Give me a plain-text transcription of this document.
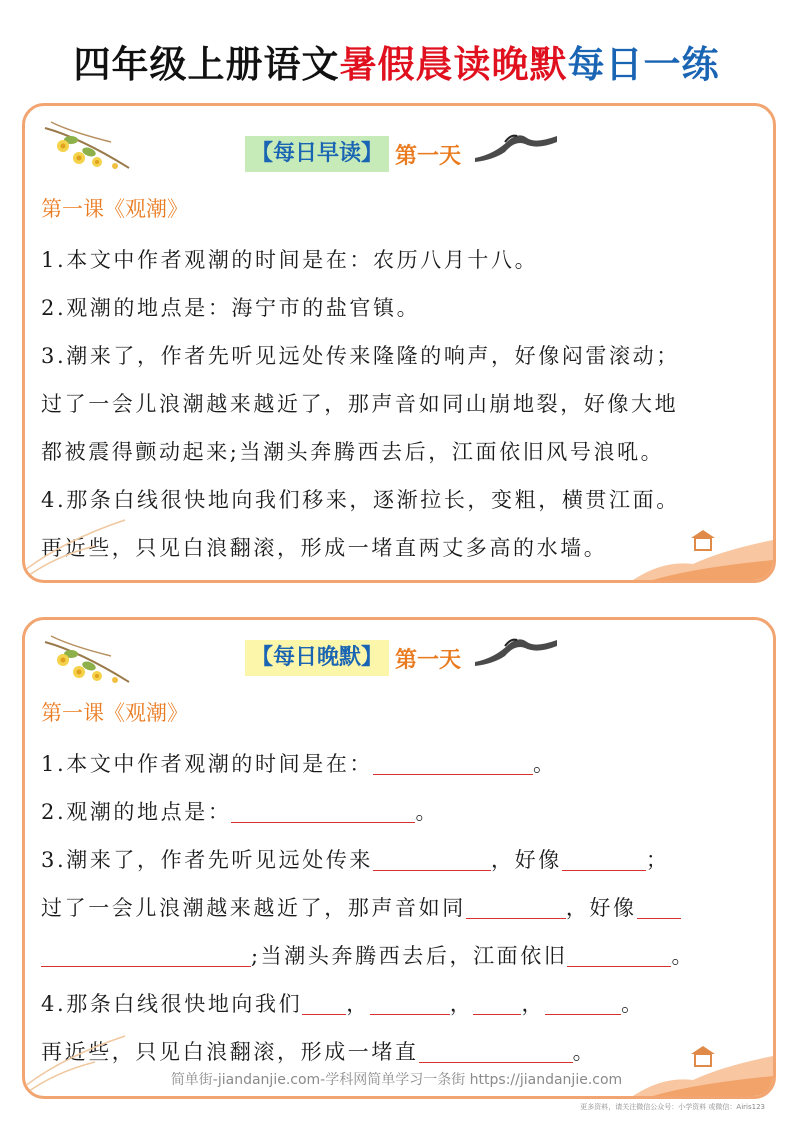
四年级上册语文暑假晨读晚默每日一练
【每日早读】 第一天
第一课《观潮》
1.本文中作者观潮的时间是在：农历八月十八。
2.观潮的地点是：海宁市的盐官镇。
3.潮来了，作者先听见远处传来隆隆的响声，好像闷雷滚动；
过了一会儿浪潮越来越近了，那声音如同山崩地裂，好像大地
都被震得颤动起来;当潮头奔腾西去后，江面依旧风号浪吼。
4.那条白线很快地向我们移来，逐渐拉长，变粗，横贯江面。
再近些，只见白浪翻滚，形成一堵直两丈多高的水墙。
【每日晚默】 第一天
第一课《观潮》
1.本文中作者观潮的时间是在：	。
2.观潮的地点是：	。
3.潮来了，作者先听见远处传来	，好像	；
过了一会儿浪潮越来越近了，那声音如同	，好像
;当潮头奔腾西去后，江面依旧	。
4.那条白线很快地向我们 ，	， ，	。
再近些，只见白浪翻滚，形成一堵直	。
简单街-jiandanjie.com-学科网简单学习一条街 https://jiandanjie.com
更多资料，请关注微信公众号：小学资料 或微信：Airis123
